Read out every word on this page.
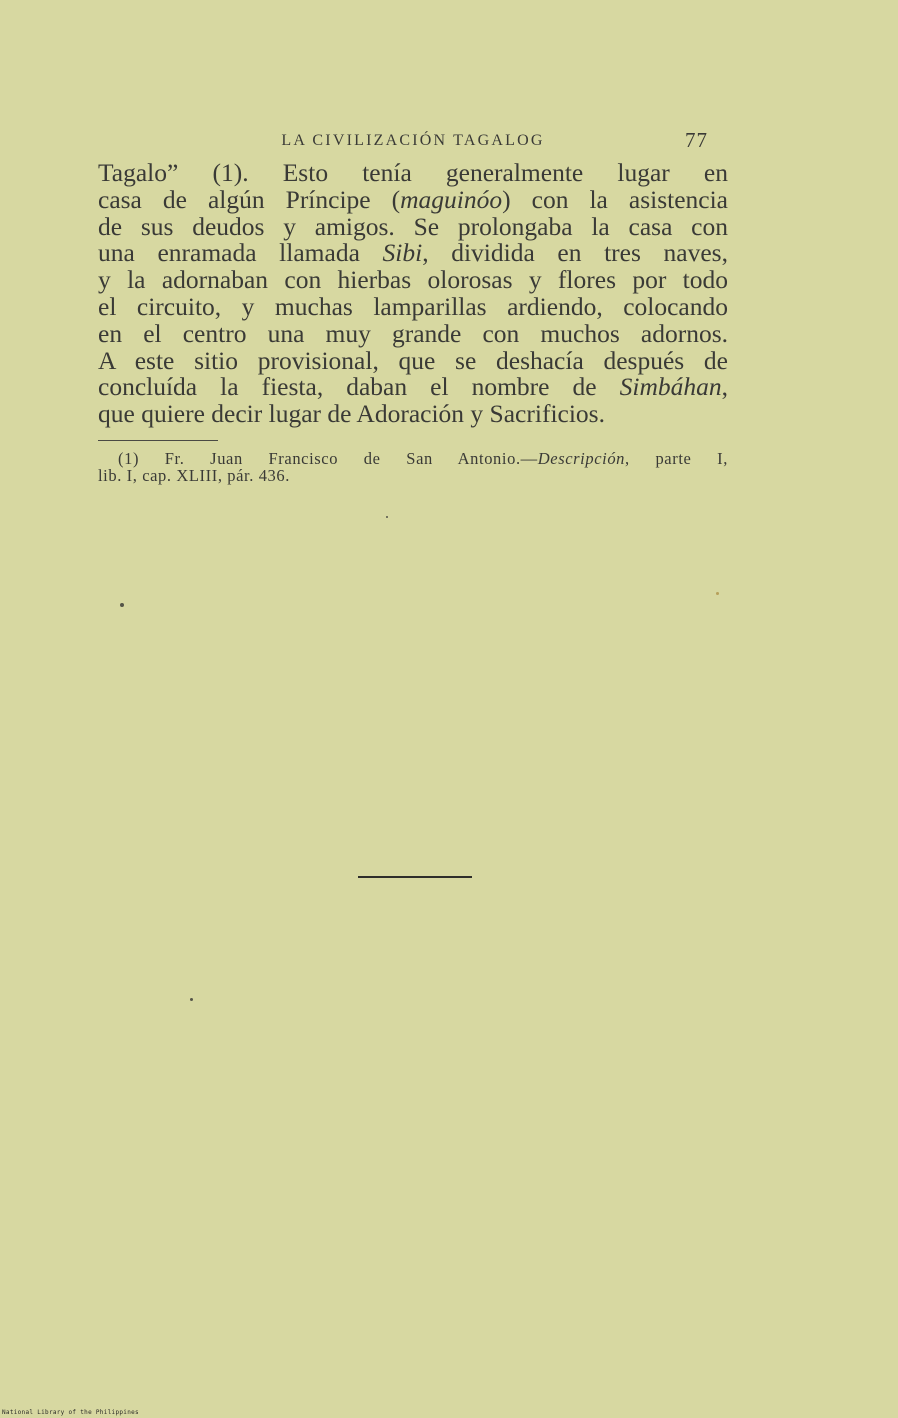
LA CIVILIZACIÓN TAGALOG	77
Tagalo” (1). Esto tenía generalmente lugar en
casa de algún Príncipe (maguinóo) con la asistencia
de sus deudos y amigos. Se prolongaba la casa con
una enramada llamada Sibi, dividida en tres naves,
y la adornaban con hierbas olorosas y flores por todo
el circuito, y muchas lamparillas ardiendo, colocando
en el centro una muy grande con muchos adornos.
A este sitio provisional, que se deshacía después de
concluída la fiesta, daban el nombre de Simbáhan,
que quiere decir lugar de Adoración y Sacrificios.
(1) Fr. Juan Francisco de San Antonio.—Descripción, parte I,
lib. I, cap. XLIII, pár. 436.
National Library of the Philippines
